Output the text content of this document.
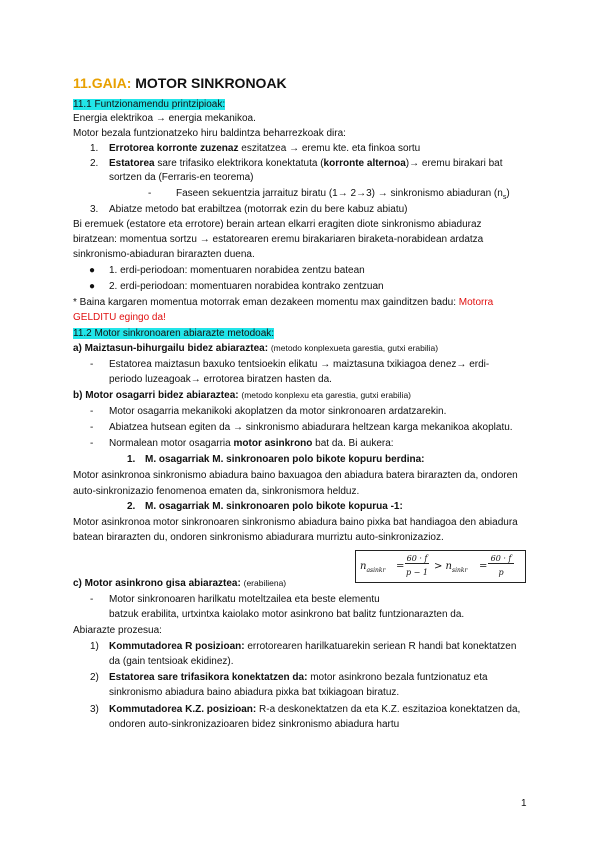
11.GAIA: MOTOR SINKRONOAK
11.1 Funtzionamendu printzipioak:
Energia elektrikoa → energia mekanikoa.
Motor bezala funtzionatzeko hiru baldintza beharrezkoak dira:
1. Errotorea korronte zuzenaz eszitatzea → eremu kte. eta finkoa sortu
2. Estatorea sare trifasiko elektrikora konektatuta (korronte alternoa)→ eremu birakari bat
sortzen da (Ferraris-en teorema)
- Faseen sekuentzia jarraituz biratu (1→ 2→3) → sinkronismo abiaduran $(n_s)$
3. Abiatze metodo bat erabiltzea (motorrak ezin du bere kabuz abiatu)
Bi eremuek (estatore eta errotore) berain artean elkarri eragiten diote sinkronismo abiaduraz
biratzean: momentua sortzu → estatorearen eremu birakariaren biraketa-norabidean ardatza
sinkronismo-abiaduran birarazten duena.
● 1. erdi-periodoan: momentuaren norabidea zentzu batean
● 2. erdi-periodoan: momentuaren norabidea kontrako zentzuan
* Baina kargaren momentua motorrak eman dezakeen momentu max gainditzen badu: Motorra
GELDITU egingo da!
11.2 Motor sinkronoaren abiarazte metodoak:
a) Maiztasun-bihurgailu bidez abiaraztea: (metodo konplexueta garestia, gutxi erabilia)
- Estatorea maiztasun baxuko tentsioekin elikatu → maiztasuna txikiagoa denez→ erdi-
periodo luzeagoak→ errotorea biratzen hasten da.
b) Motor osagarri bidez abiaraztea: (metodo konplexu eta garestia, gutxi erabilia)
- Motor osagarria mekanikoki akoplatzen da motor sinkronoaren ardatzarekin.
- Abiatzea hutsean egiten da → sinkronismo abiadurara heltzean karga mekanikoa akoplatu.
- Normalean motor osagarria motor asinkrono bat da. Bi aukera:
1. M. osagarriak M. sinkronoaren polo bikote kopuru berdina:
Motor asinkronoa sinkronismo abiadura baino baxuagoa den abiadura batera birarazten da, ondoren
auto-sinkronizazio fenomenoa ematen da, sinkronismora helduz.
2. M. osagarriak M. sinkronoaren polo bikote kopurua -1:
Motor asinkronoa motor sinkronoaren sinkronismo abiadura baino pixka bat handiagoa den abiadura
batean birarazten du, ondoren sinkronismo abiadurara murriztu auto-sinkronizazioz.
$n_{asinkr}$ =
60 · f
p − 1
> $n_{sinkr}$ =
60 · f
p
c) Motor asinkrono gisa abiaraztea: (erabiliena)
- Motor sinkronoaren harilkatu moteltzailea eta beste elementu
batzuk erabilita, urtxintxa kaiolako motor asinkrono bat balitz funtzionarazten da.
Abiarazte prozesua:
1) Kommutadorea R posizioan: errotorearen harilkatuarekin seriean R handi bat konektatzen
da (gain tentsioak ekidinez).
2) Estatorea sare trifasikora konektatzen da: motor asinkrono bezala funtzionatuz eta
sinkronismo abiadura baino abiadura pixka bat txikiagoan biratuz.
3) Kommutadorea K.Z. posizioan: R-a deskonektatzen da eta K.Z. eszitazioa konektatzen da,
ondoren auto-sinkronizazioaren bidez sinkronismo abiadura hartu
1
